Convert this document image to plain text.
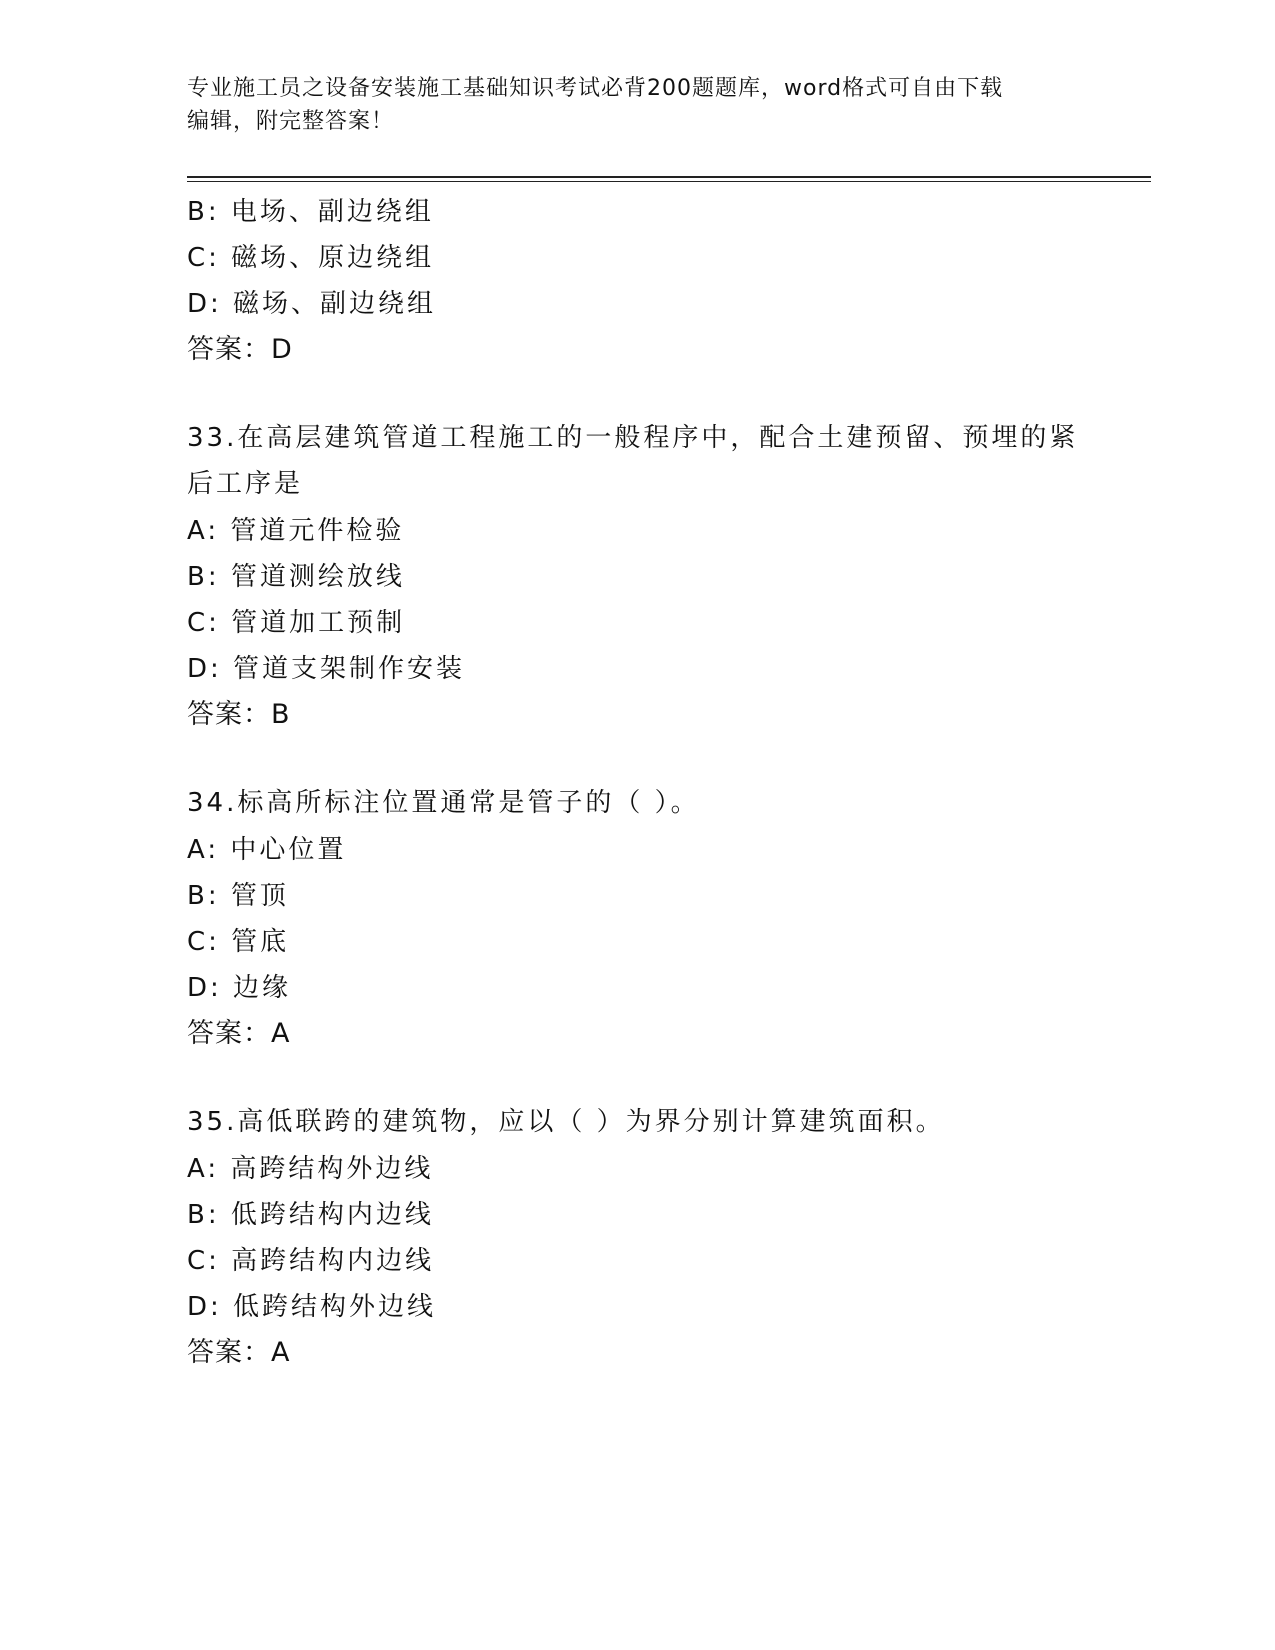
专业施工员之设备安装施工基础知识考试必背200题题库，word格式可自由下载
编辑，附完整答案！
B: 电场、副边绕组
C: 磁场、原边绕组
D: 磁场、副边绕组
答案：D
33.在高层建筑管道工程施工的一般程序中，配合土建预留、预埋的紧
后工序是
A: 管道元件检验
B: 管道测绘放线
C: 管道加工预制
D: 管道支架制作安装
答案：B
34.标高所标注位置通常是管子的（ ）。
A: 中心位置
B: 管顶
C: 管底
D: 边缘
答案：A
35.高低联跨的建筑物，应以（ ）为界分别计算建筑面积。
A: 高跨结构外边线
B: 低跨结构内边线
C: 高跨结构内边线
D: 低跨结构外边线
答案：A
